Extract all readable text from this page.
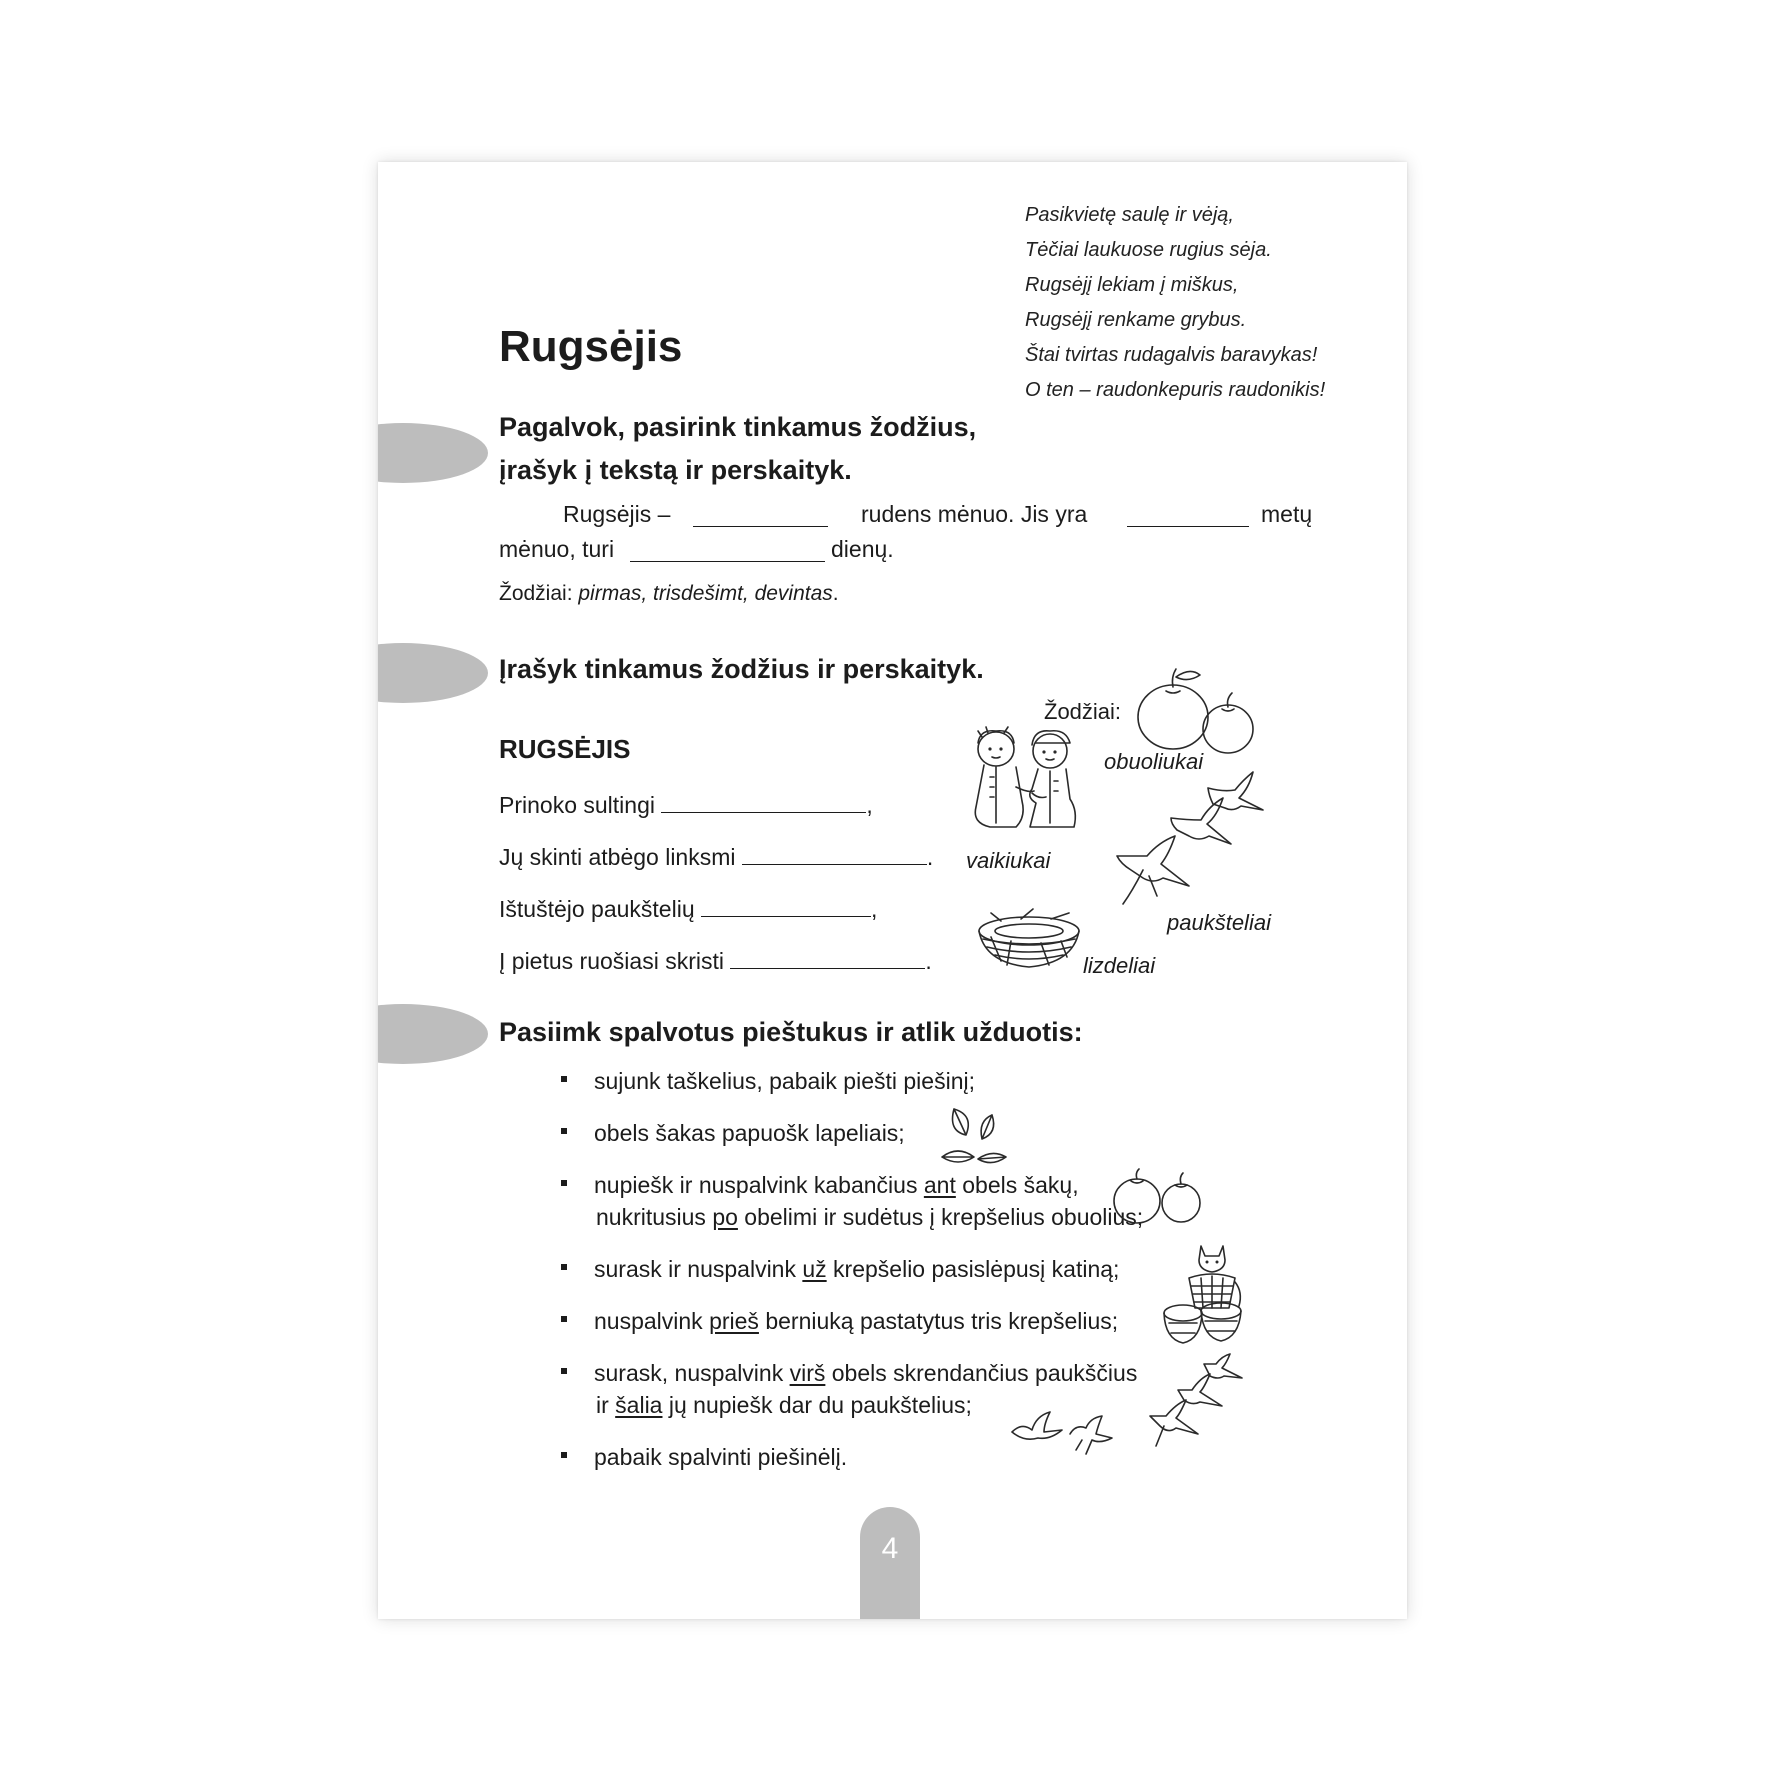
Pasikvietę saulę ir vėją,
Tėčiai laukuose rugius sėja.
Rugsėjį lekiam į miškus,
Rugsėjį renkame grybus.
Štai tvirtas rudagalvis baravykas!
O ten – raudonkepuris raudonikis!
Rugsėjis
Pagalvok, pasirink tinkamus žodžius,
įrašyk į tekstą ir perskaityk.
Rugsėjis –	rudens mėnuo. Jis yra	metų
mėnuo, turi	dienų.
Žodžiai: pirmas, trisdešimt, devintas.
Įrašyk tinkamus žodžius ir perskaityk.
RUGSĖJIS
Prinoko sultingi	,
Jų skinti atbėgo linksmi	.
Ištuštėjo paukštelių	,
Į pietus ruošiasi skristi	.
Žodžiai:
obuoliukai
vaikiukai
paukšteliai
lizdeliai
Pasiimk spalvotus pieštukus ir atlik užduotis:
sujunk taškelius, pabaik piešti piešinį;
obels šakas papuošk lapeliais;
nupiešk ir nuspalvink kabančius ant obels šakų,
nukritusius po obelimi ir sudėtus į krepšelius obuolius;
surask ir nuspalvink už krepšelio pasislėpusį katiną;
nuspalvink prieš berniuką pastatytus tris krepšelius;
surask, nuspalvink virš obels skrendančius paukščius
ir šalia jų nupiešk dar du paukštelius;
pabaik spalvinti piešinėlį.
4
